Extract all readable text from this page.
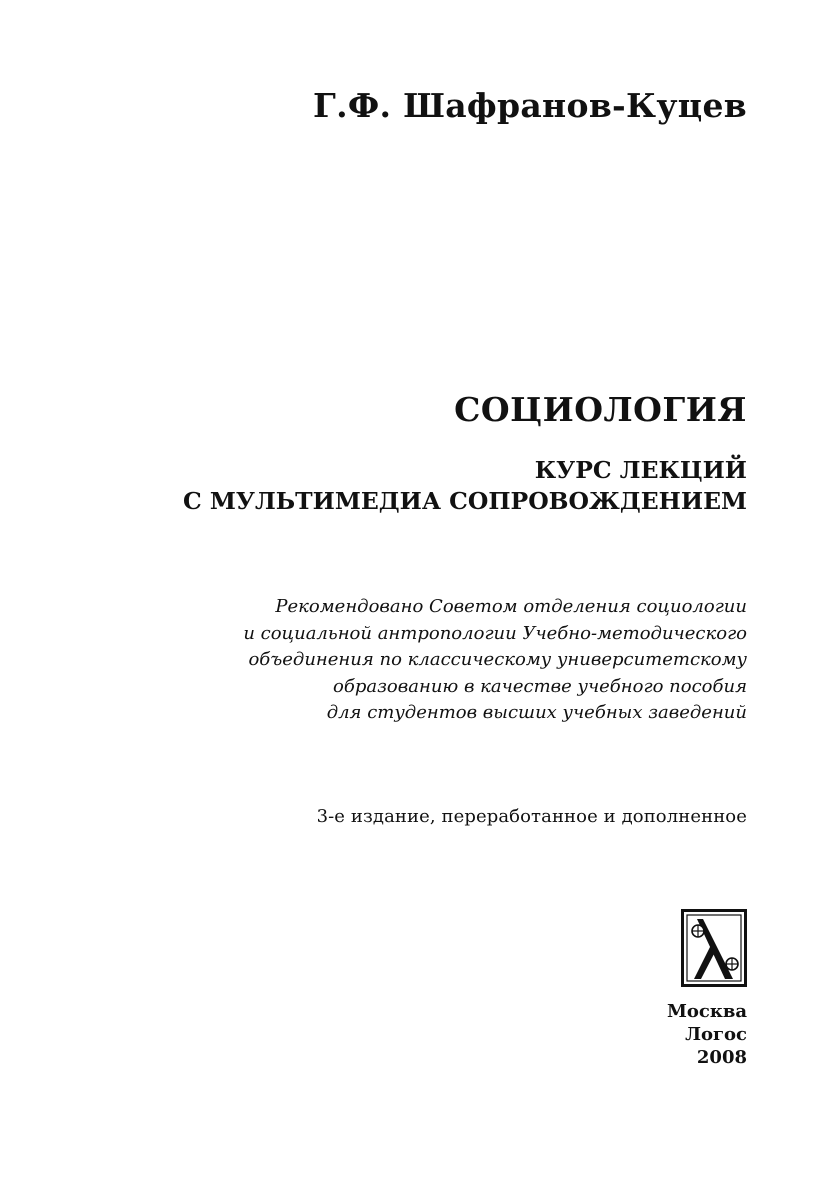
Г.Ф. Шафранов-Куцев
СОЦИОЛОГИЯ
КУРС ЛЕКЦИЙ
С МУЛЬТИМЕДИА СОПРОВОЖДЕНИЕМ
Рекомендовано Советом отделения социологии
и социальной антропологии Учебно-методического
объединения по классическому университетскому
образованию в качестве учебного пособия
для студентов высших учебных заведений
3-е издание, переработанное и дополненное
Москва
Логос
2008
